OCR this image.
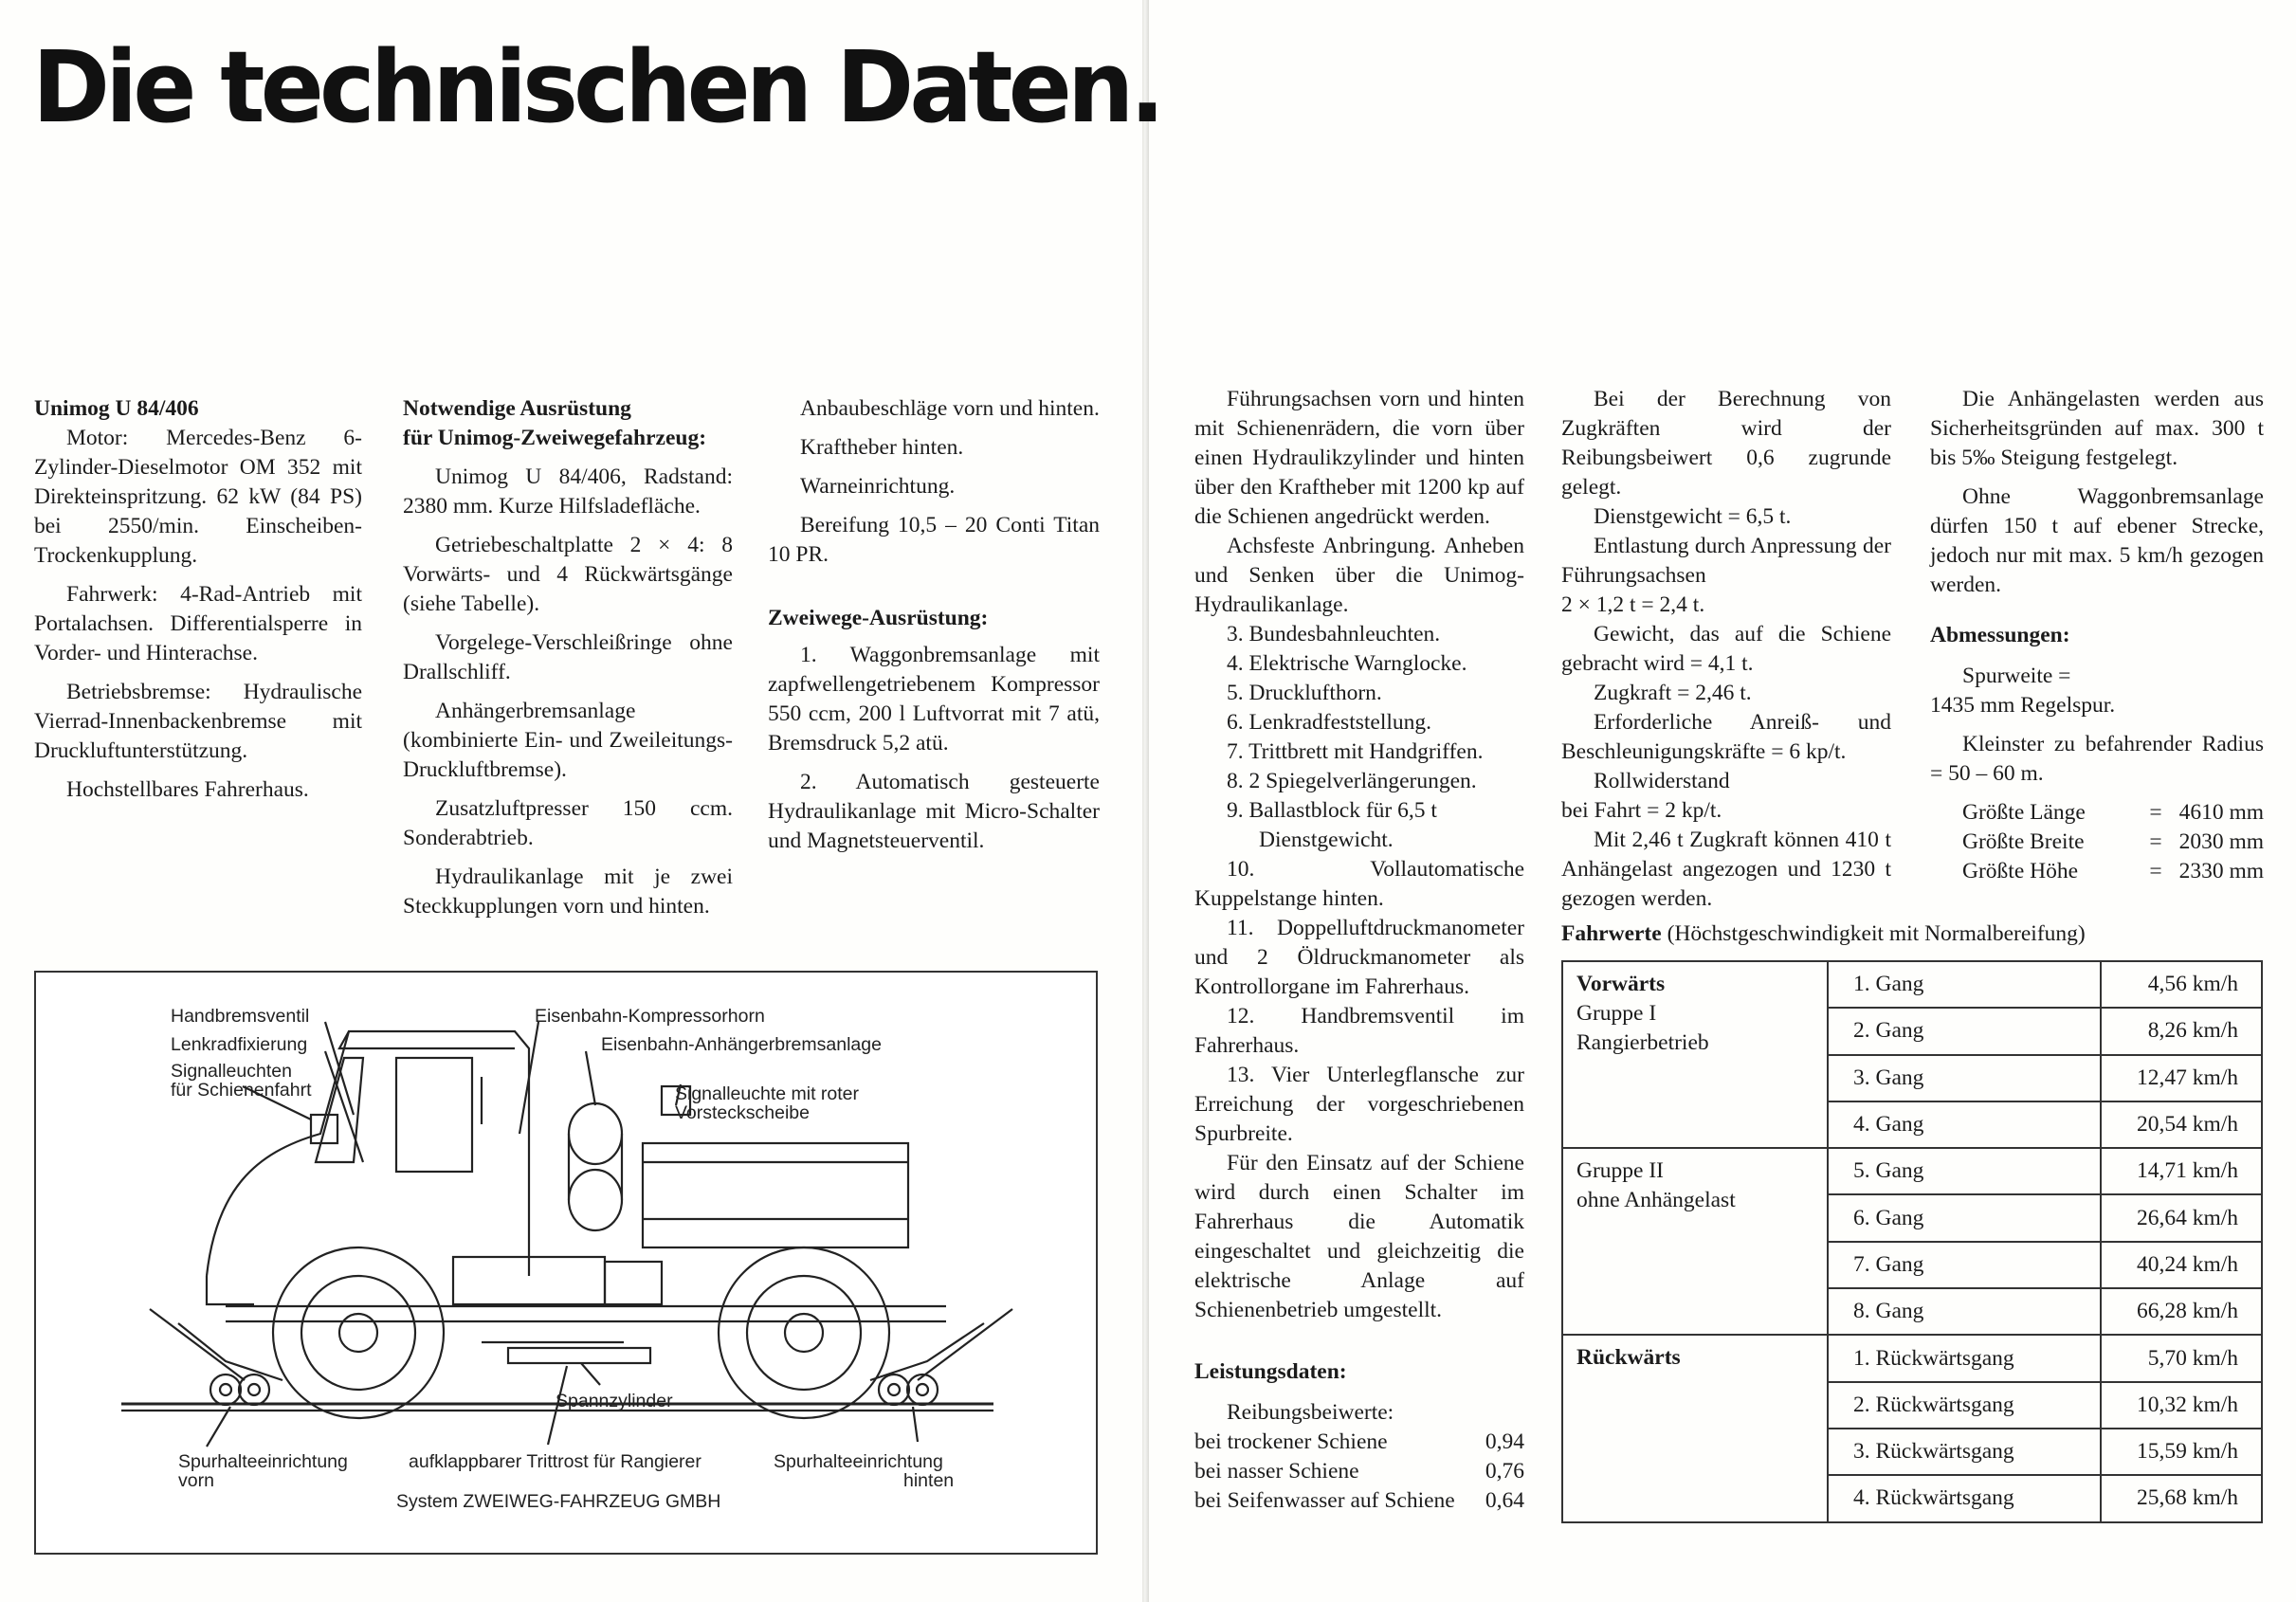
Die technischen Daten.
Unimog U 84/406

Motor: Mercedes-Benz 6-Zylinder-Dieselmotor OM 352 mit Direkteinspritzung. 62 kW (84 PS) bei 2550/min. Einscheiben-Trockenkupplung.

Fahrwerk: 4-Rad-Antrieb mit Portalachsen. Differentialsperre in Vorder- und Hinterachse.

Betriebsbremse: Hydraulische Vierrad-Innenbackenbremse mit Druckluftunterstützung.

Hochstellbares Fahrerhaus.

Notwendige Ausrüstung
für Unimog-Zweiwegefahrzeug:

Unimog U 84/406, Radstand: 2380 mm. Kurze Hilfsladefläche.

Getriebeschaltplatte 2 × 4: 8 Vorwärts- und 4 Rückwärtsgänge (siehe Tabelle).

Vorgelege-Verschleißringe ohne Drallschliff.

Anhängerbremsanlage (kombinierte Ein- und Zweileitungs-Druckluftbremse).

Zusatzluftpresser 150 ccm. Sonderabtrieb.

Hydraulikanlage mit je zwei Steckkupplungen vorn und hinten.

Anbaubeschläge vorn und hinten.

Kraftheber hinten.

Warneinrichtung.

Bereifung 10,5 – 20 Conti Titan 10 PR.

Zweiwege-Ausrüstung:

1. Waggonbremsanlage mit zapfwellengetriebenem Kompressor 550 ccm, 200 l Luftvorrat mit 7 atü, Bremsdruck 5,2 atü.

2. Automatisch gesteuerte Hydraulikanlage mit Micro-Schalter und Magnetsteuerventil.

Handbremsventil
Lenkradfixierung
Signalleuchten
für Schienenfahrt
Eisenbahn-Kompressorhorn
Eisenbahn-Anhängerbremsanlage
Signalleuchte mit roter
Vorsteckscheibe
Spannzylinder
Spurhalteeinrichtung
vorn
aufklappbarer Trittrost für Rangierer	Spurhalteeinrichtung
hinten
System ZWEIWEG-FAHRZEUG GMBH

Führungsachsen vorn und hinten mit Schienenrädern, die vorn über einen Hydraulikzylinder und hinten über den Kraftheber mit 1200 kp auf die Schienen angedrückt werden.

Achsfeste Anbringung. Anheben und Senken über die Unimog-Hydraulikanlage.

3. Bundesbahnleuchten.
4. Elektrische Warnglocke.
5. Drucklufthorn.
6. Lenkradfeststellung.
7. Trittbrett mit Handgriffen.
8. 2 Spiegelverlängerungen.
9. Ballastblock für 6,5 t
Dienstgewicht.

10. Vollautomatische Kuppelstange hinten.

11. Doppelluftdruckmanometer und 2 Öldruckmanometer als Kontrollorgane im Fahrerhaus.

12. Handbremsventil im Fahrerhaus.

13. Vier Unterlegflansche zur Erreichung der vorgeschriebenen Spurbreite.

Für den Einsatz auf der Schiene wird durch einen Schalter im Fahrerhaus die Automatik eingeschaltet und gleichzeitig die elektrische Anlage auf Schienenbetrieb umgestellt.

Leistungsdaten:
Reibungsbeiwerte:
bei trockener Schiene	0,94
bei nasser Schiene	0,76
bei Seifenwasser auf Schiene 0,64

Bei der Berechnung von Zugkräften wird der Reibungsbeiwert 0,6 zugrunde gelegt.

Dienstgewicht = 6,5 t.

Entlastung durch Anpressung der Führungsachsen

2 × 1,2 t = 2,4 t.

Gewicht, das auf die Schiene gebracht wird = 4,1 t.

Zugkraft = 2,46 t.

Erforderliche Anreiß- und Beschleunigungskräfte = 6 kp/t.

Rollwiderstand

bei Fahrt = 2 kp/t.

Mit 2,46 t Zugkraft können 410 t Anhängelast angezogen und 1230 t gezogen werden.

Die Anhängelasten werden aus Sicherheitsgründen auf max. 300 t bis 5‰ Steigung festgelegt.

Ohne Waggonbremsanlage dürfen 150 t auf ebener Strecke, jedoch nur mit max. 5 km/h gezogen werden.

Abmessungen:
Spurweite =
1435 mm Regelspur.

Kleinster zu befahrender Radius = 50 – 60 m.

Größte Länge	= 4610 mm
Größte Breite	= 2030 mm
Größte Höhe	= 2330 mm
Fahrwerte (Höchstgeschwindigkeit mit Normalbereifung)
Vorwärts
Gruppe I
Rangierbetrieb	1. Gang	4,56 km/h
	2. Gang	8,26 km/h
	3. Gang	12,47 km/h
	4. Gang	20,54 km/h

Gruppe II
ohne Anhängelast	5. Gang	14,71 km/h
	6. Gang	26,64 km/h
	7. Gang	40,24 km/h
	8. Gang	66,28 km/h

Rückwärts	1. Rückwärtsgang	5,70 km/h
	2. Rückwärtsgang	10,32 km/h
	3. Rückwärtsgang	15,59 km/h
	4. Rückwärtsgang	25,68 km/h
